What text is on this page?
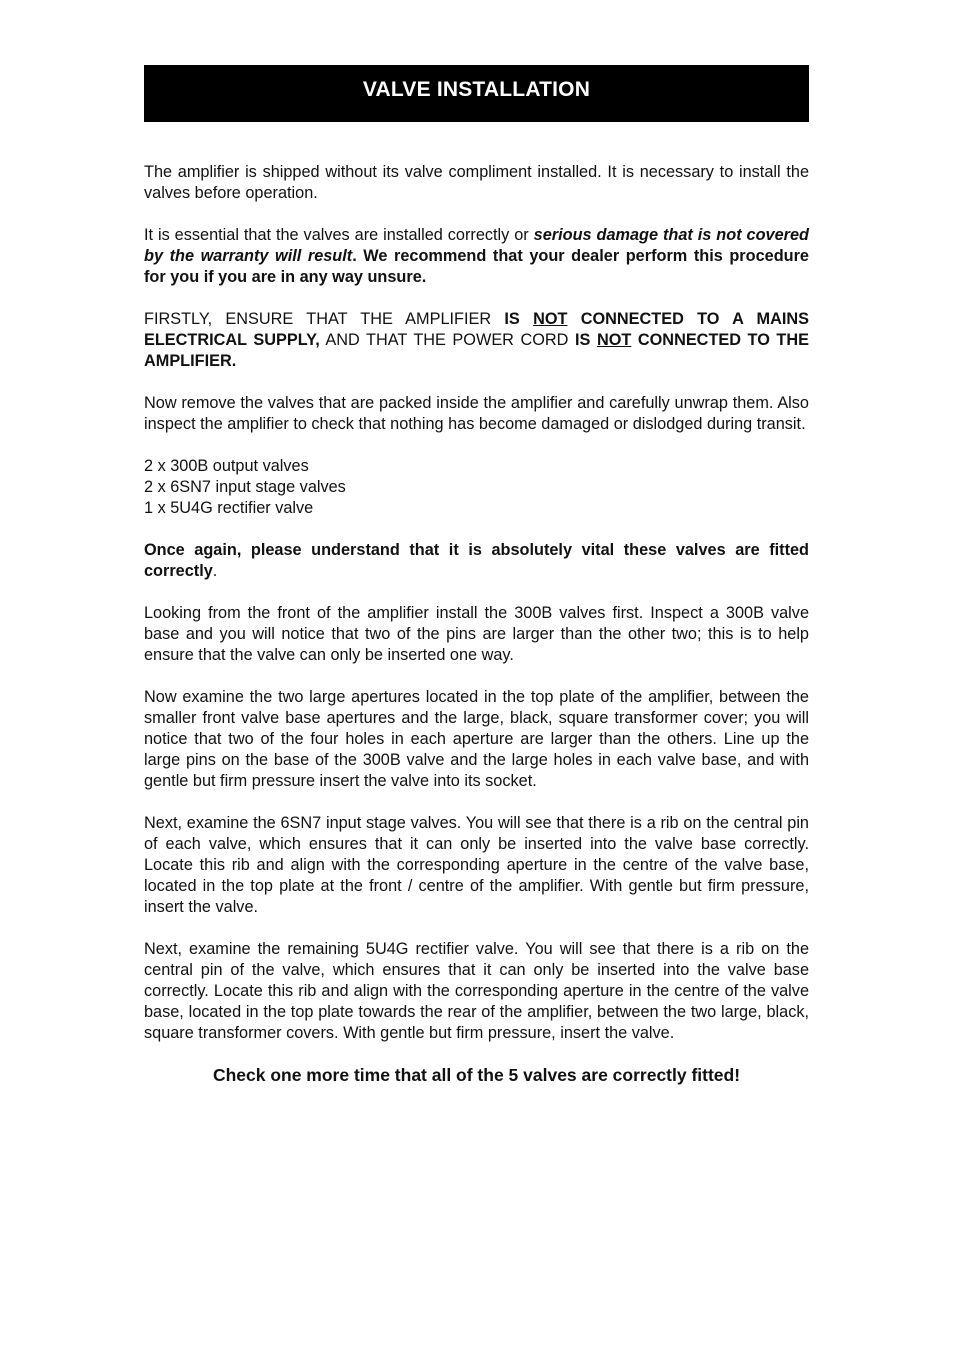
VALVE INSTALLATION

The amplifier is shipped without its valve compliment installed. It is necessary to install the valves before operation.

It is essential that the valves are installed correctly or serious damage that is not covered by the warranty will result. We recommend that your dealer perform this procedure for you if you are in any way unsure.

FIRSTLY, ENSURE THAT THE AMPLIFIER IS NOT CONNECTED TO A MAINS ELECTRICAL SUPPLY, AND THAT THE POWER CORD IS NOT CONNECTED TO THE AMPLIFIER.

Now remove the valves that are packed inside the amplifier and carefully unwrap them. Also inspect the amplifier to check that nothing has become damaged or dislodged during transit.

2 x 300B output valves

2 x 6SN7 input stage valves

1 x 5U4G rectifier valve

Once again, please understand that it is absolutely vital these valves are fitted correctly.

Looking from the front of the amplifier install the 300B valves first. Inspect a 300B valve base and you will notice that two of the pins are larger than the other two; this is to help ensure that the valve can only be inserted one way.

Now examine the two large apertures located in the top plate of the amplifier, between the smaller front valve base apertures and the large, black, square transformer cover; you will notice that two of the four holes in each aperture are larger than the others. Line up the large pins on the base of the 300B valve and the large holes in each valve base, and with gentle but firm pressure insert the valve into its socket.

Next, examine the 6SN7 input stage valves. You will see that there is a rib on the central pin of each valve, which ensures that it can only be inserted into the valve base correctly. Locate this rib and align with the corresponding aperture in the centre of the valve base, located in the top plate at the front / centre of the amplifier. With gentle but firm pressure, insert the valve.

Next, examine the remaining 5U4G rectifier valve. You will see that there is a rib on the central pin of the valve, which ensures that it can only be inserted into the valve base correctly. Locate this rib and align with the corresponding aperture in the centre of the valve base, located in the top plate towards the rear of the amplifier, between the two large, black, square transformer covers. With gentle but firm pressure, insert the valve.

Check one more time that all of the 5 valves are correctly fitted!
